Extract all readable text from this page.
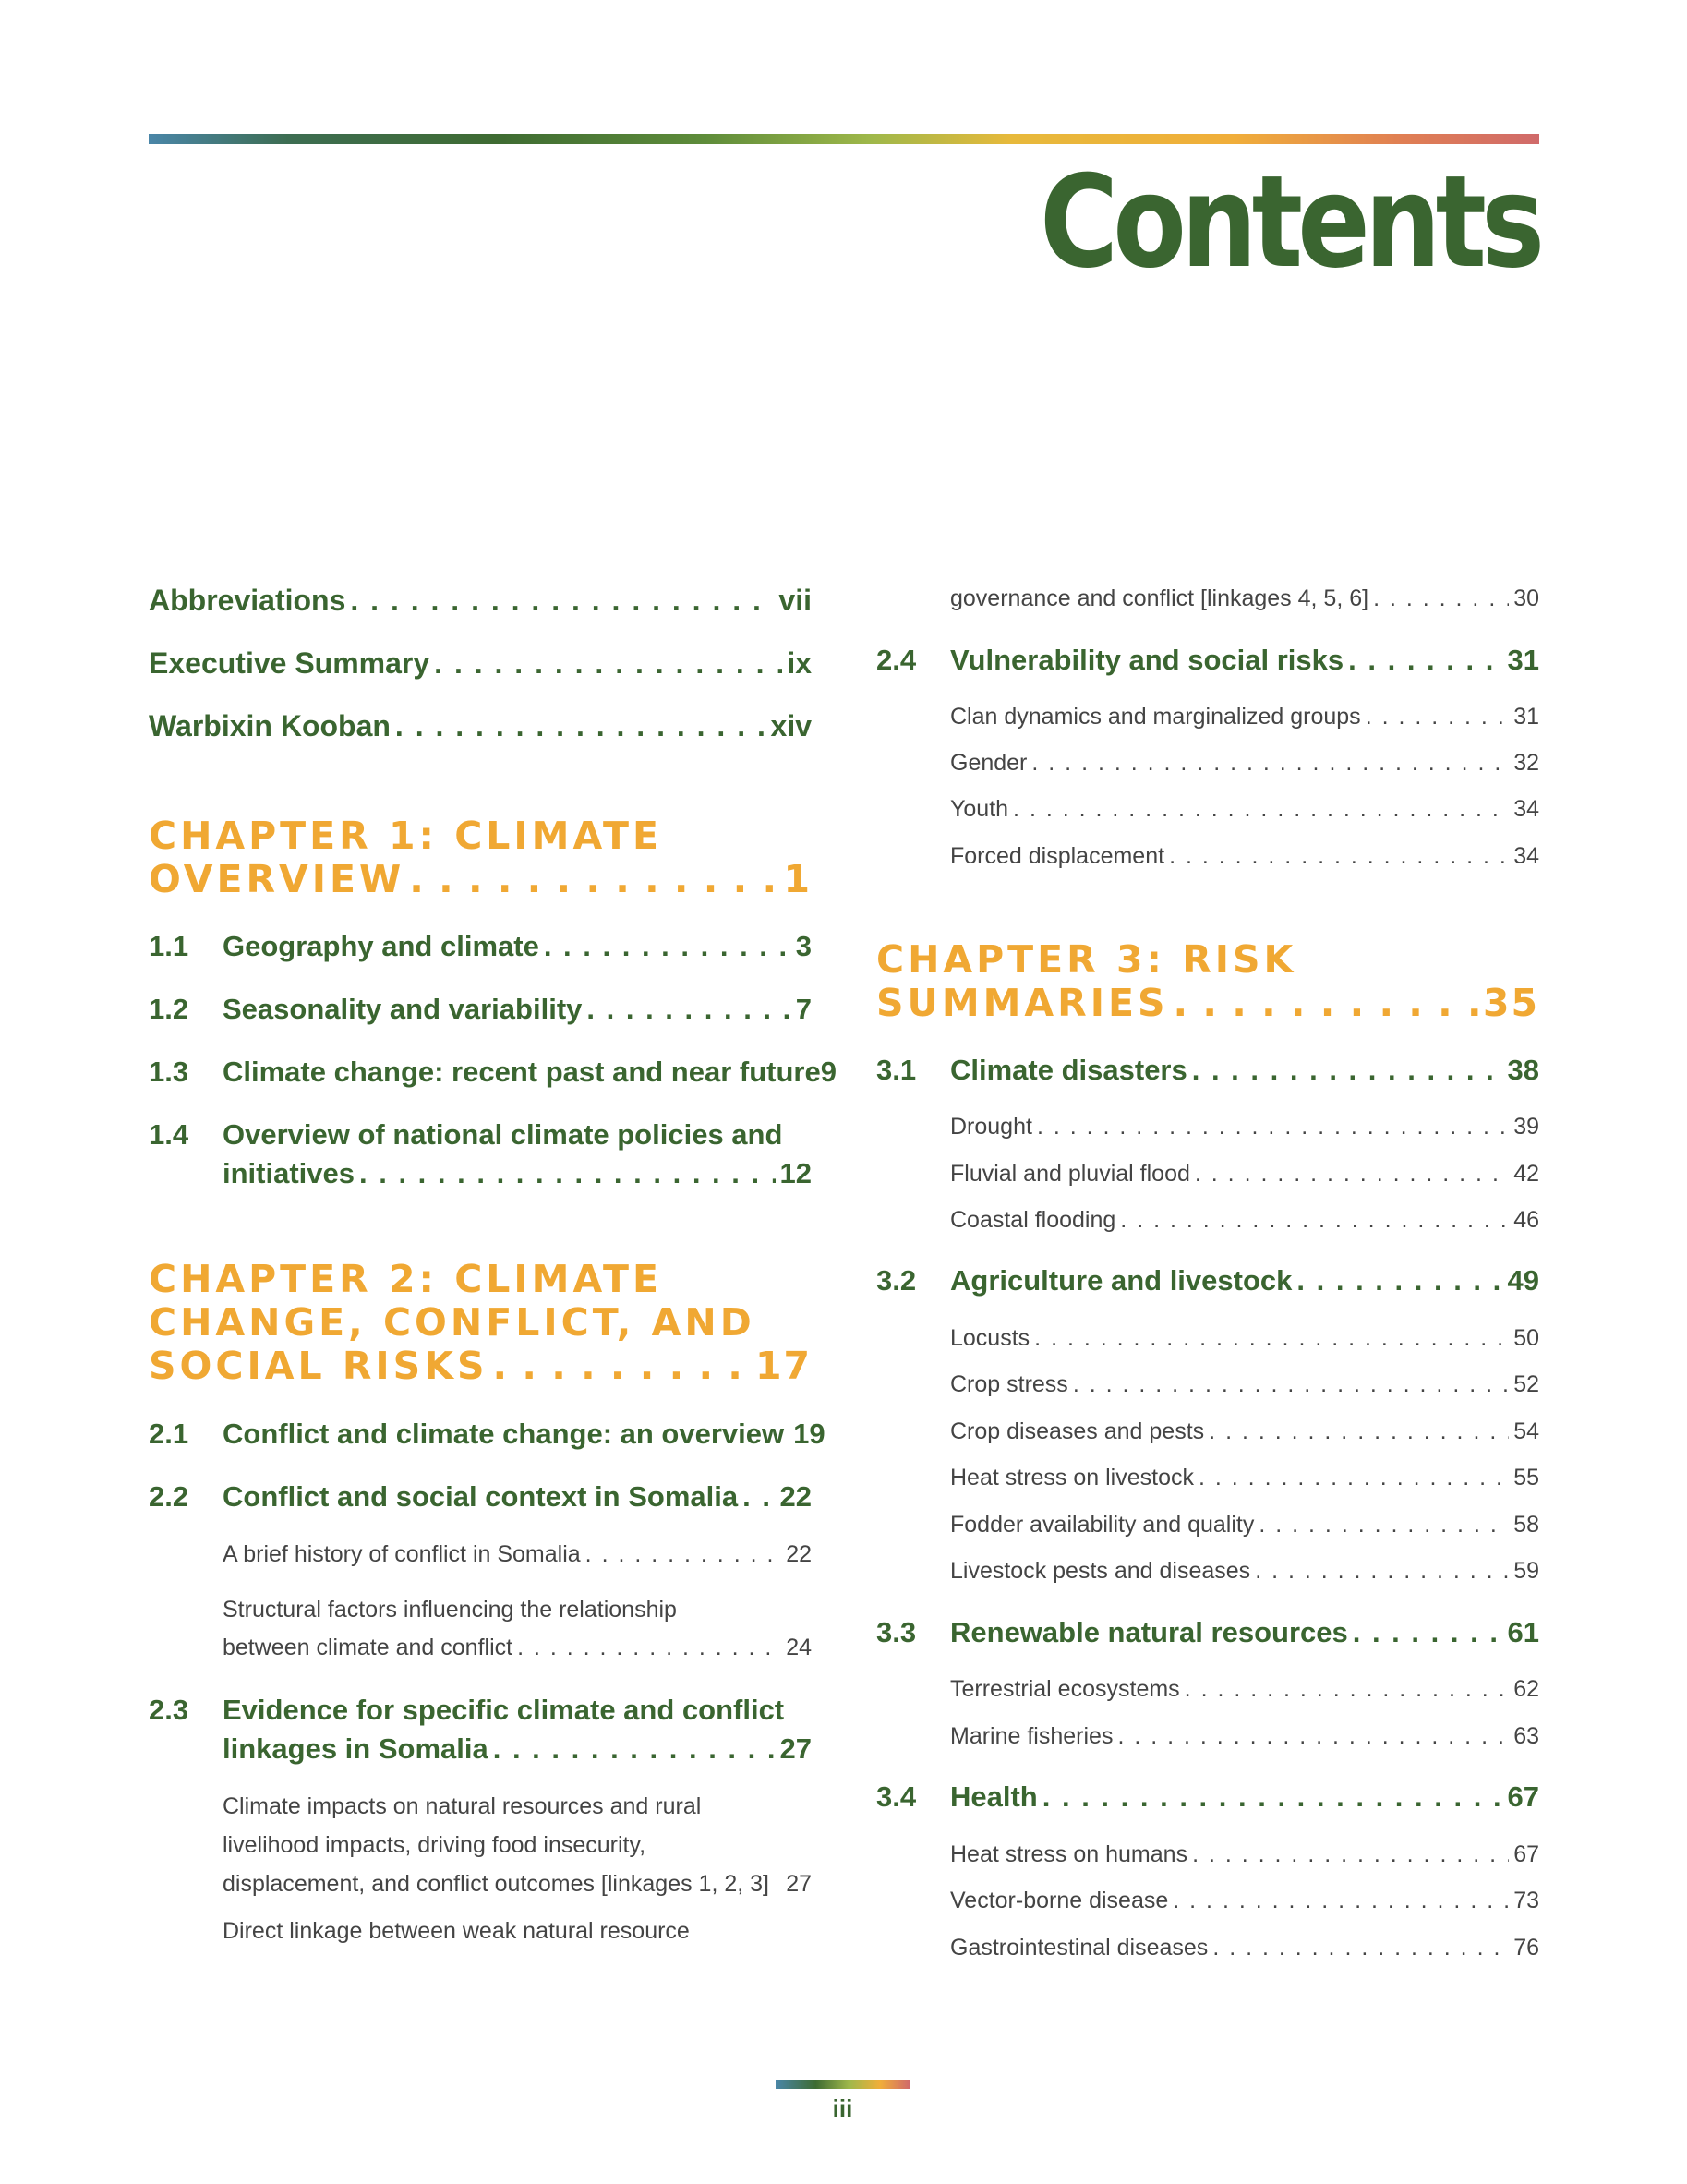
Contents
Abbreviations . . .	vii
Executive Summary . . .	ix
Warbixin Kooban . . .	xiv
CHAPTER 1: CLIMATE
OVERVIEW . .	1
1.1	Geography and climate . . .	3
1.2	Seasonality and variability . . .	7
1.3	Climate change: recent past and near future 9
1.4	Overview of national climate policies and
initiatives . . .	12
CHAPTER 2: CLIMATE
CHANGE, CONFLICT, AND
SOCIAL RISKS . .	17
2.1	Conflict and climate change: an overview 19
2.2	Conflict and social context in Somalia . . . 22
A brief history of conflict in Somalia . . .	22
Structural factors influencing the relationship
between climate and conflict . . .	24
2.3	Evidence for specific climate and conflict
linkages in Somalia . . .	27
Climate impacts on natural resources and rural
livelihood impacts, driving food insecurity,
displacement, and conflict outcomes [linkages 1, 2, 3] 27
Direct linkage between weak natural resource
governance and conflict [linkages 4, 5, 6] . . .	30
2.4	Vulnerability and social risks . . .	31
Clan dynamics and marginalized groups . . .	31
Gender . . .	32
Youth . . .	34
Forced displacement . . .	34
CHAPTER 3: RISK
SUMMARIES . .	35
3.1	Climate disasters . . .	38
Drought . . .	39
Fluvial and pluvial flood . . .	42
Coastal flooding . . .	46
3.2	Agriculture and livestock . . .	49
Locusts . . .	50
Crop stress . . .	52
Crop diseases and pests . . .	54
Heat stress on livestock . . .	55
Fodder availability and quality . . .	58
Livestock pests and diseases . . .	59
3.3	Renewable natural resources . . .	61
Terrestrial ecosystems . . .	62
Marine fisheries . . .	63
3.4	Health . . .	67
Heat stress on humans . . .	67
Vector-borne disease . . .	73
Gastrointestinal diseases . . .	76
iii
